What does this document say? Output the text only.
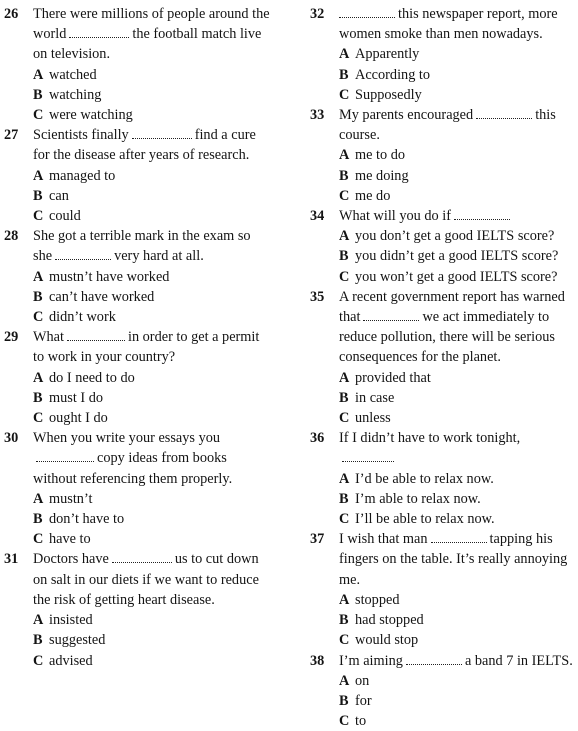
26 There were millions of people around the world	the football match live on television.
A watched
B watching
C were watching
27 Scientists finally	find a cure for the disease after years of research.
A managed to
B can
C could
28 She got a terrible mark in the exam so she	very hard at all.
A mustn’t have worked
B can’t have worked
C didn’t work
29 What	in order to get a permit to work in your country?
A do I need to do
B must I do
C ought I do
30 When you write your essays youcopy ideas from books without referencing them properly.
A mustn’t
B don’t have to
C have to
31 Doctors have	us to cut down on salt in our diets if we want to reduce the risk of getting heart disease.
A insisted
B suggested
C advised
32	this newspaper report, more women smoke than men nowadays.
A Apparently
B According to
C Supposedly
33 My parents encouraged	this course.
A me to do
B me doing
C me do
34 What will you do if
A you don’t get a good IELTS score?
B you didn’t get a good IELTS score?
C you won’t get a good IELTS score?
35 A recent government report has warned that	we act immediately to reduce pollution, there will be serious consequences for the planet.
A provided that
B in case
C unless
36 If I didn’t have to work tonight,
A I’d be able to relax now.
B I’m able to relax now.
C I’ll be able to relax now.
37 I wish that man	tapping his fingers on the table. It’s really annoying me.
A stopped
B had stopped
C would stop
38 I’m aiming	a band 7 in IELTS.
A on
B for
C to
